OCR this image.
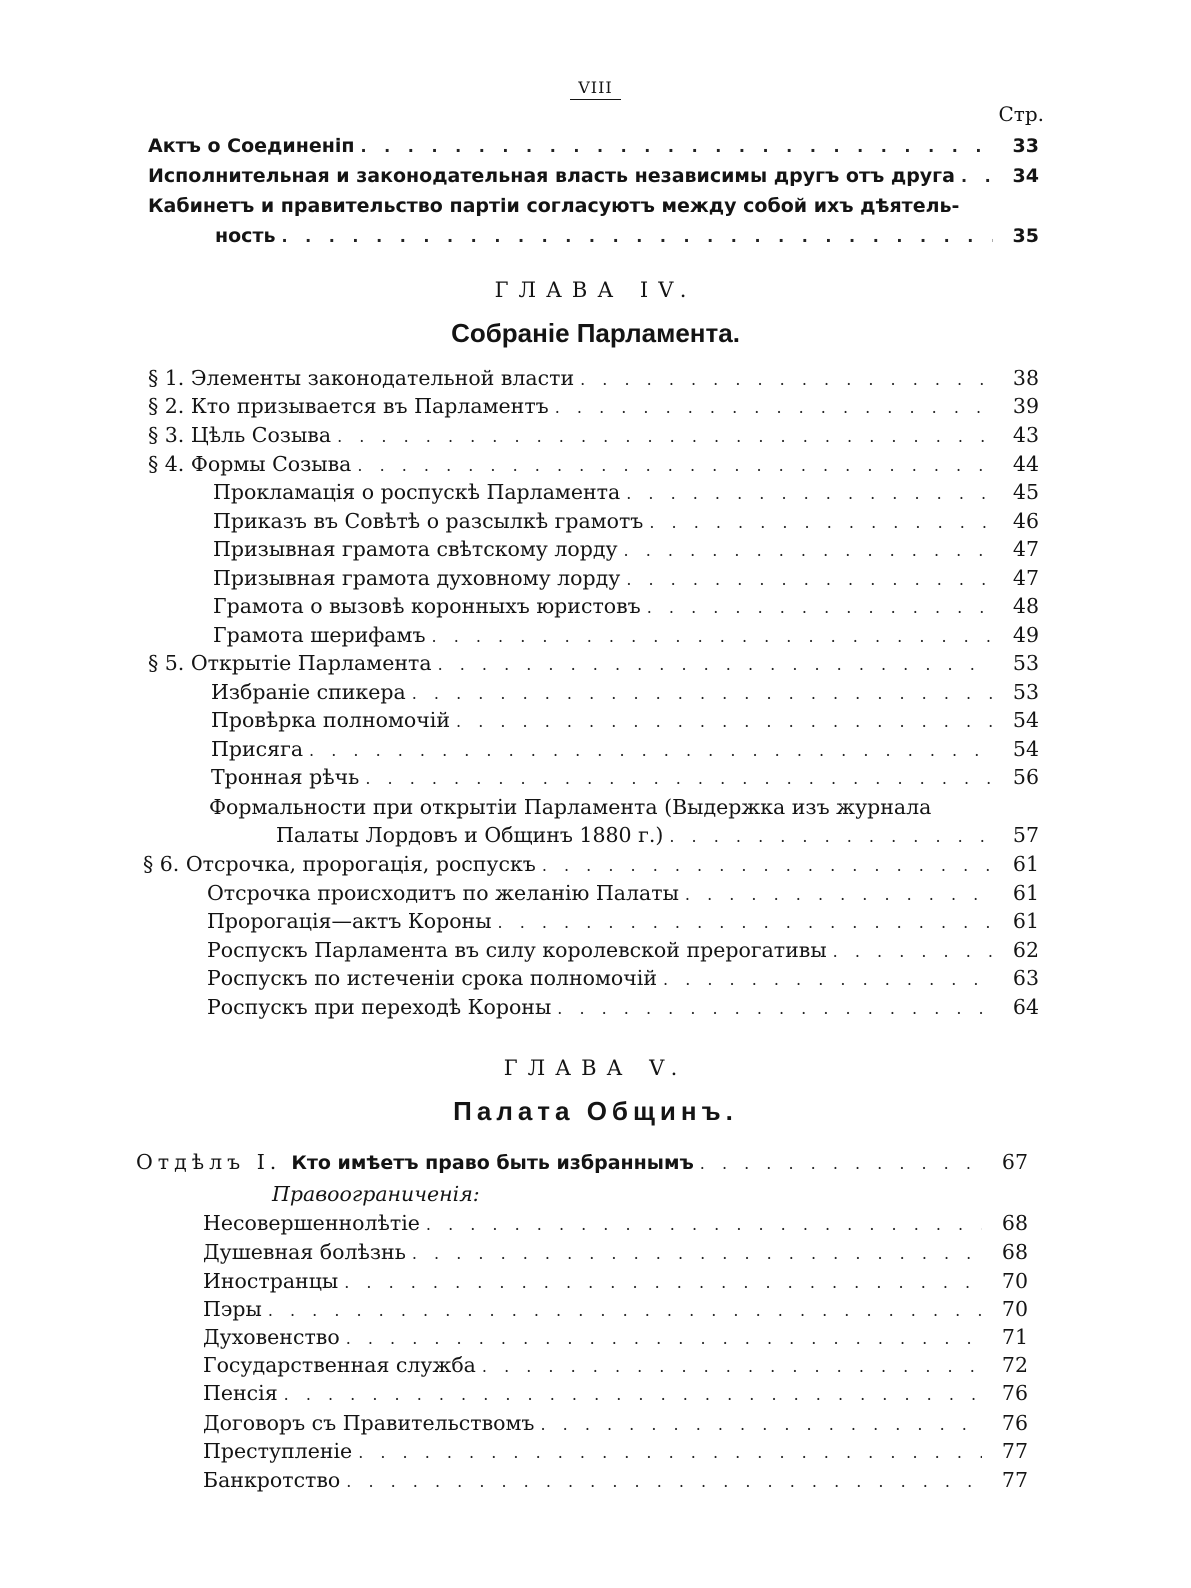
VIII
Стр.
Актъ о Соединеніп . . .	33
Исполнительная и законодательная власть независимы другъ отъ друга . . .	34
Кабинетъ и правительство партіи согласуютъ между собой ихъ дѣятель-
ность . . .	35
ГЛАВА IV.
Собраніе Парламента.
§ 1. Элементы законодательной власти . . .	38
§ 2. Кто призывается въ Парламентъ . . .	39
§ 3. Цѣль Созыва . . .	43
§ 4. Формы Созыва . . .	44
Прокламація о роспускѣ Парламента . . .	45
Приказъ въ Совѣтѣ о разсылкѣ грамотъ . . .	46
Призывная грамота свѣтскому лорду . . .	47
Призывная грамота духовному лорду . . .	47
Грамота о вызовѣ коронныхъ юристовъ . . .	48
Грамота шерифамъ . . .	49
§ 5. Открытіе Парламента . . .	53
Избраніе спикера . . .	53
Провѣрка полномочій . . .	54
Присяга . . .	54
Тронная рѣчь . . .	56
Формальности при открытіи Парламента (Выдержка изъ журнала
Палаты Лордовъ и Общинъ 1880 г.) . . .	57
§ 6. Отсрочка, пророгація, роспускъ . . .	61
Отсрочка происходитъ по желанію Палаты . . .	61
Пророгація—актъ Короны . . .	61
Роспускъ Парламента въ силу королевской прерогативы . . .	62
Роспускъ по истеченіи срока полномочій . . .	63
Роспускъ при переходѣ Короны . . .	64
ГЛАВА V.
Палата Общинъ.
Отдѣлъ I. Кто имѣетъ право быть избраннымъ . . .	67
Правоограниченія:
Несовершеннолѣтіе . . .	68
Душевная болѣзнь . . .	68
Иностранцы . . .	70
Пэры . . .	70
Духовенство . . .	71
Государственная служба . . .	72
Пенсія . . .	76
Договоръ съ Правительствомъ . . .	76
Преступленіе . . .	77
Банкротство . . .	77
